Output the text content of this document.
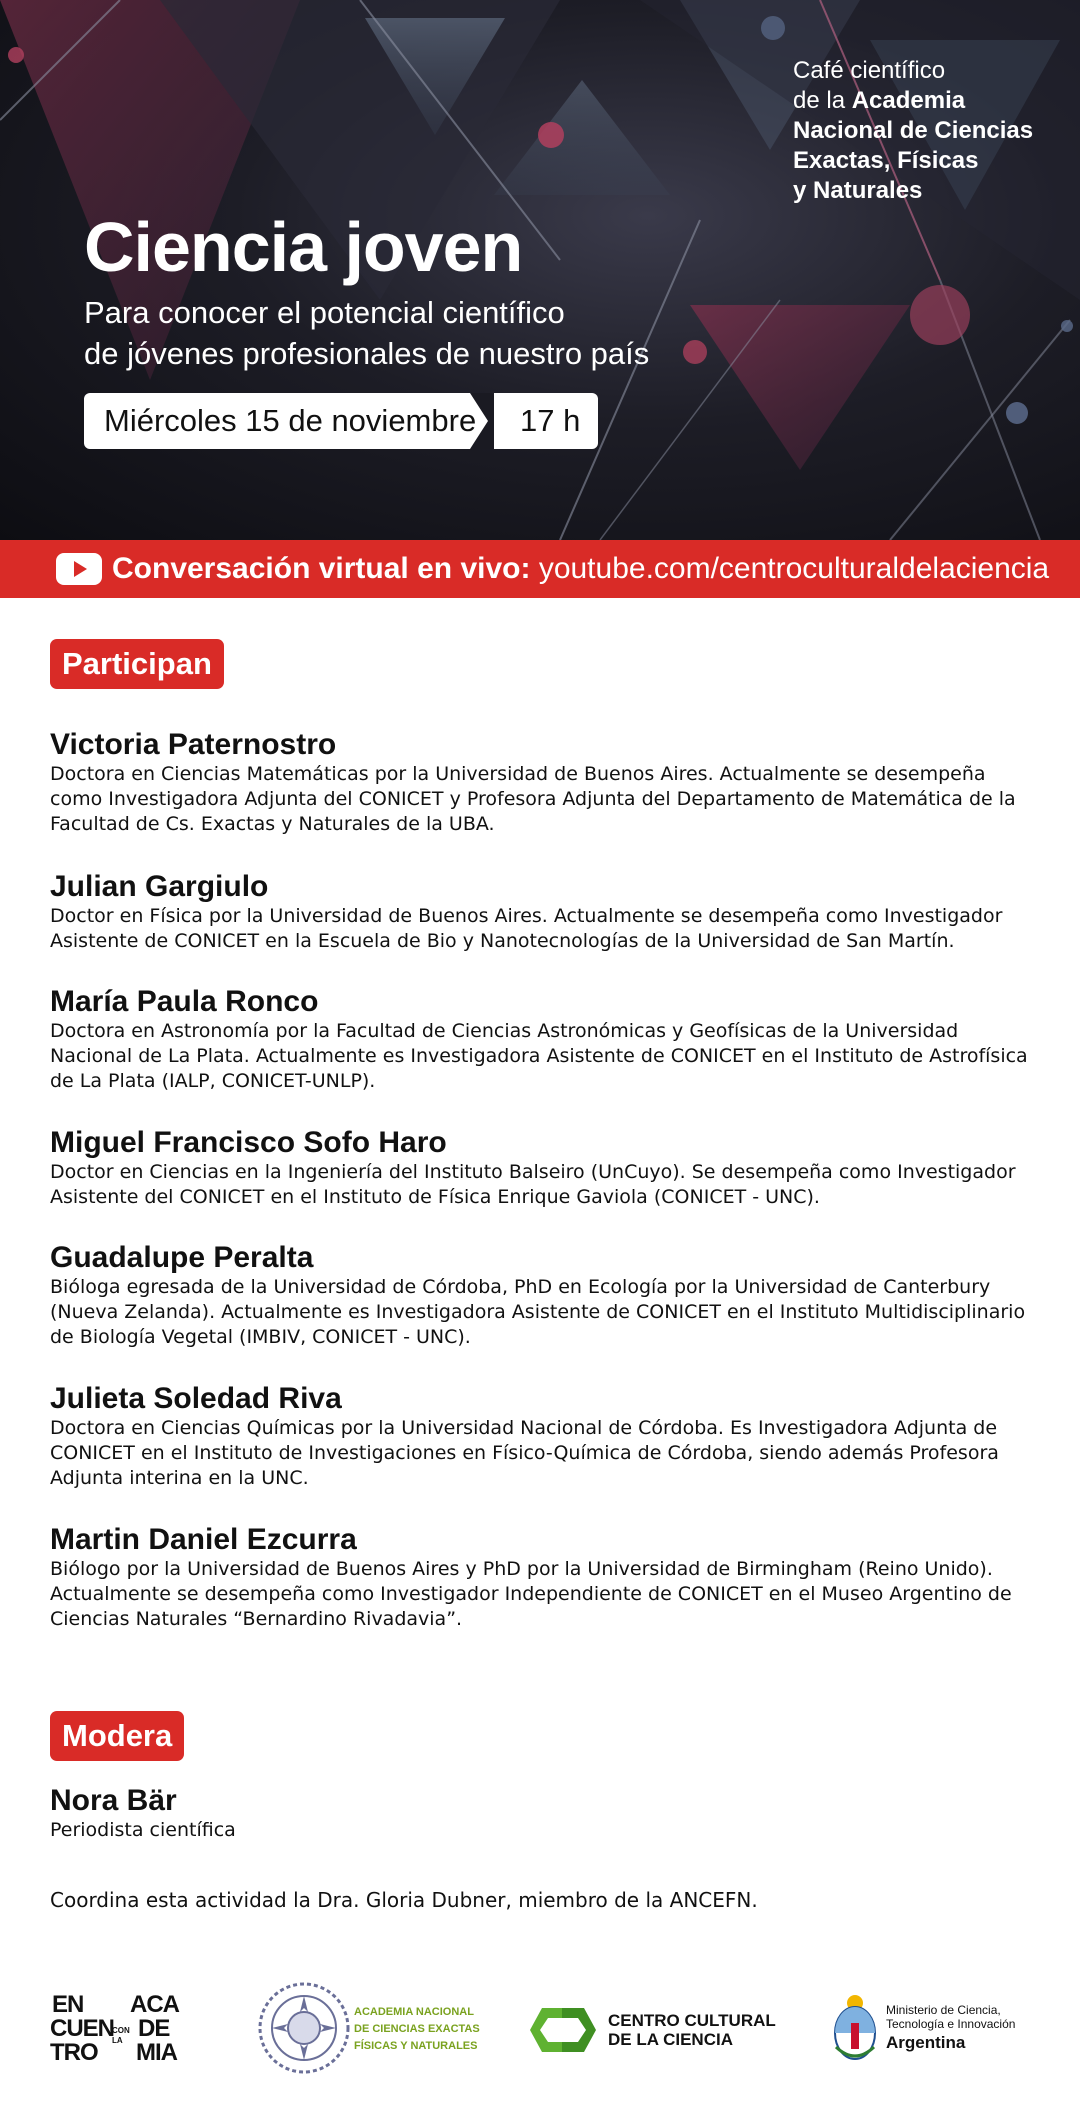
Café científico
de la Academia
Nacional de Ciencias
Exactas, Físicas
y Naturales
Ciencia joven
Para conocer el potencial científico
de jóvenes profesionales de nuestro país
Miércoles 15 de noviembre	17 h
Conversación virtual en vivo: youtube.com/centroculturaldelaciencia
Participan
Victoria Paternostro
Doctora en Ciencias Matemáticas por la Universidad de Buenos Aires. Actualmente se desempeña como Investigadora Adjunta del CONICET y Profesora Adjunta del Departamento de Matemática de la Facultad de Cs. Exactas y Naturales de la UBA.
Julian Gargiulo
Doctor en Física por la Universidad de Buenos Aires. Actualmente se desempeña como Investigador Asistente de CONICET en la Escuela de Bio y Nanotecnologías de la Universidad de San Martín.
María Paula Ronco
Doctora en Astronomía por la Facultad de Ciencias Astronómicas y Geofísicas de la Universidad Nacional de La Plata. Actualmente es Investigadora Asistente de CONICET en el Instituto de Astrofísica de La Plata (IALP, CONICET-UNLP).
Miguel Francisco Sofo Haro
Doctor en Ciencias en la Ingeniería del Instituto Balseiro (UnCuyo). Se desempeña como Investigador Asistente del CONICET en el Instituto de Física Enrique Gaviola (CONICET - UNC).
Guadalupe Peralta
Bióloga egresada de la Universidad de Córdoba, PhD en Ecología por la Universidad de Canterbury (Nueva Zelanda). Actualmente es Investigadora Asistente de CONICET en el Instituto Multidisciplinario de Biología Vegetal (IMBIV, CONICET - UNC).
Julieta Soledad Riva
Doctora en Ciencias Químicas por la Universidad Nacional de Córdoba. Es Investigadora Adjunta de CONICET en el Instituto de Investigaciones en Físico-Química de Córdoba, siendo además Profesora Adjunta interina en la UNC.
Martin Daniel Ezcurra
Biólogo por la Universidad de Buenos Aires y PhD por la Universidad de Birmingham (Reino Unido). Actualmente se desempeña como Investigador Independiente de CONICET en el Museo Argentino de Ciencias Naturales “Bernardino Rivadavia”.
Modera
Nora Bär
Periodista científica
Coordina esta actividad la Dra. Gloria Dubner, miembro de la ANCEFN.
EN
CUEN
TRO
CON
LA
ACA
DE
MIA
ACADEMIA NACIONAL
DE CIENCIAS EXACTAS
FÍSICAS Y NATURALES
CENTRO CULTURAL
DE LA CIENCIA
Ministerio de Ciencia,
Tecnología e Innovación
Argentina
